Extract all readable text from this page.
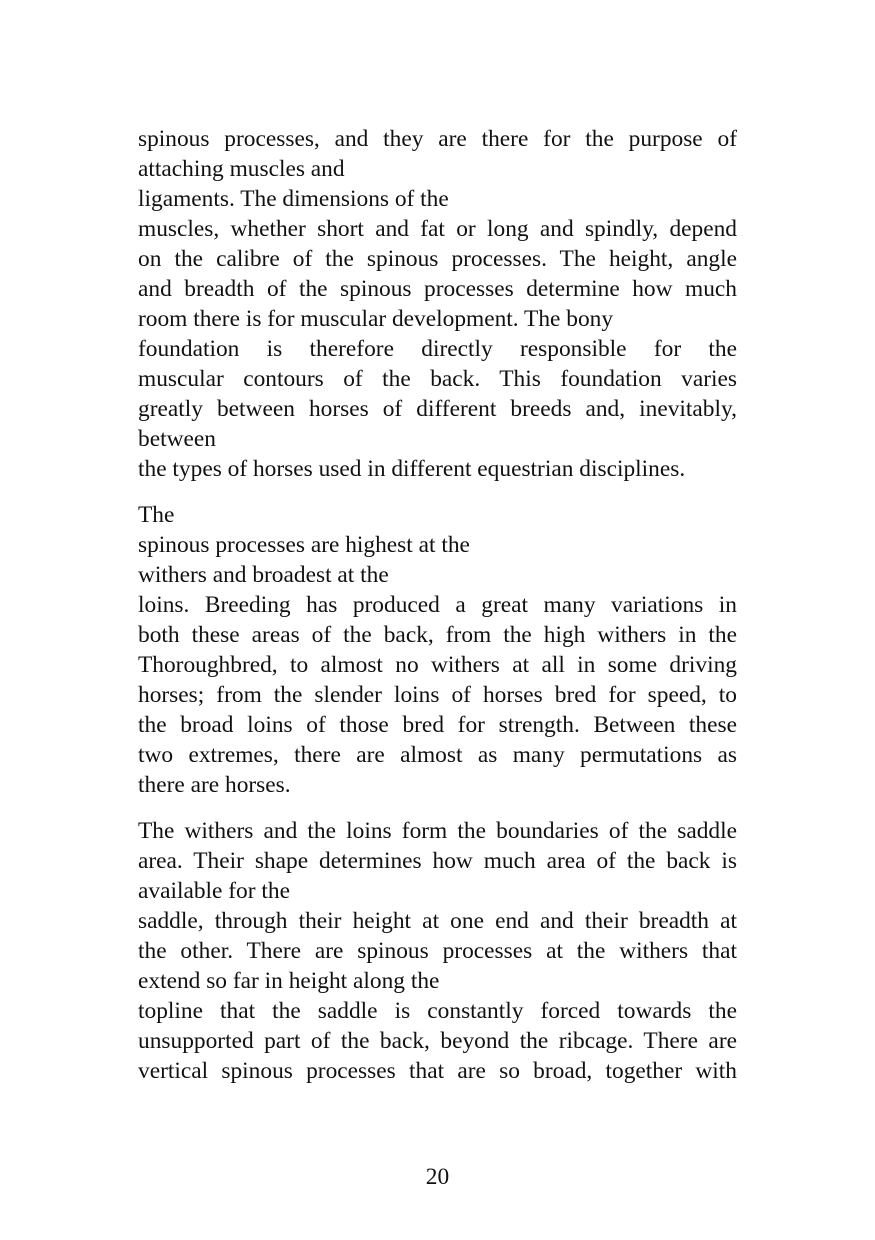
spinous processes, and they are there for the purpose of
attaching muscles and
ligaments. The dimensions of the
muscles, whether short and fat or long and spindly, depend
on the calibre of the spinous processes. The height, angle
and breadth of the spinous processes determine how much
room there is for muscular development. The bony
foundation is therefore directly responsible for the
muscular contours of the back. This foundation varies
greatly between horses of different breeds and, inevitably,
between
the types of horses used in different equestrian disciplines.

The
spinous processes are highest at the
withers and broadest at the
loins. Breeding has produced a great many variations in
both these areas of the back, from the high withers in the
Thoroughbred, to almost no withers at all in some driving
horses; from the slender loins of horses bred for speed, to
the broad loins of those bred for strength. Between these
two extremes, there are almost as many permutations as
there are horses.

The withers and the loins form the boundaries of the saddle
area. Their shape determines how much area of the back is
available for the
saddle, through their height at one end and their breadth at
the other. There are spinous processes at the withers that
extend so far in height along the
topline that the saddle is constantly forced towards the
unsupported part of the back, beyond the ribcage. There are
vertical spinous processes that are so broad, together with

20
